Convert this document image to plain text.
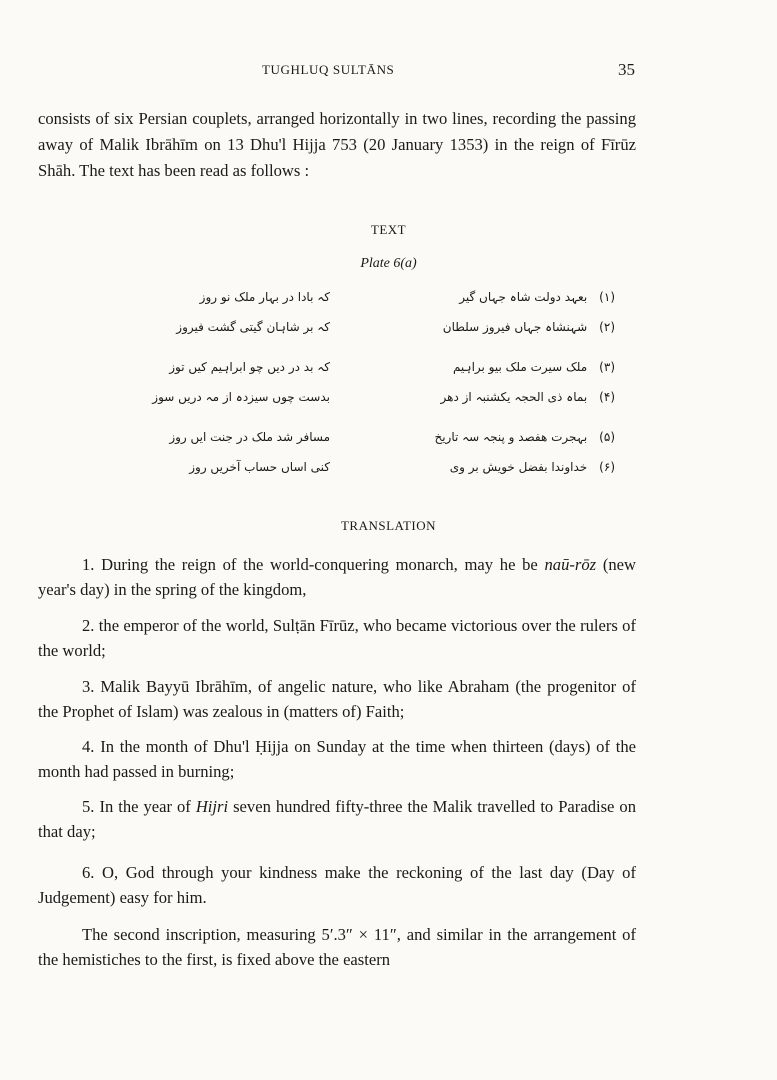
TUGHLUQ SULTĀNS	35
consists of six Persian couplets, arranged horizontally in two lines, recording the passing away of Malik Ibrāhīm on 13 Dhu'l Hijja 753 (20 January 1353) in the reign of Fīrūz Shāh. The text has been read as follows :
TEXT
Plate 6(a)
(۱)بعہد دولت شاہ جہاں گیر
کہ بادا در بہار ملک نو روز
(۲)شہنشاہ جہاں فیروز سلطان
کہ بر شاہان گیتی گشت فیروز
(۳)ملک سیرت ملک بیو براہیم
کہ بد در دیں چو ابراہیم کیں توز
(۴)بماہ ذی الحجہ یکشنبہ از دھر
بدست چوں سیزدہ از مہ دریں سوز
(۵)بہجرت ھفصد و پنجہ سہ تاریخ
مسافر شد ملک در جنت ایں روز
(۶)خداوندا بفضل خویش بر وی
کنی اساں حساب آخریں روز
TRANSLATION
1. During the reign of the world-conquering monarch, may he be naū-rōz (new year's day) in the spring of the kingdom,
2. the emperor of the world, Sulṭān Fīrūz, who became victorious over the rulers of the world;
3. Malik Bayyū Ibrāhīm, of angelic nature, who like Abraham (the progenitor of the Prophet of Islam) was zealous in (matters of) Faith;
4. In the month of Dhu'l Ḥijja on Sunday at the time when thirteen (days) of the month had passed in burning;
5. In the year of Hijri seven hundred fifty-three the Malik travelled to Paradise on that day;
6. O, God through your kindness make the reckoning of the last day (Day of Judgement) easy for him.
The second inscription, measuring 5′.3″ × 11″, and similar in the arrangement of the hemistiches to the first, is fixed above the eastern
